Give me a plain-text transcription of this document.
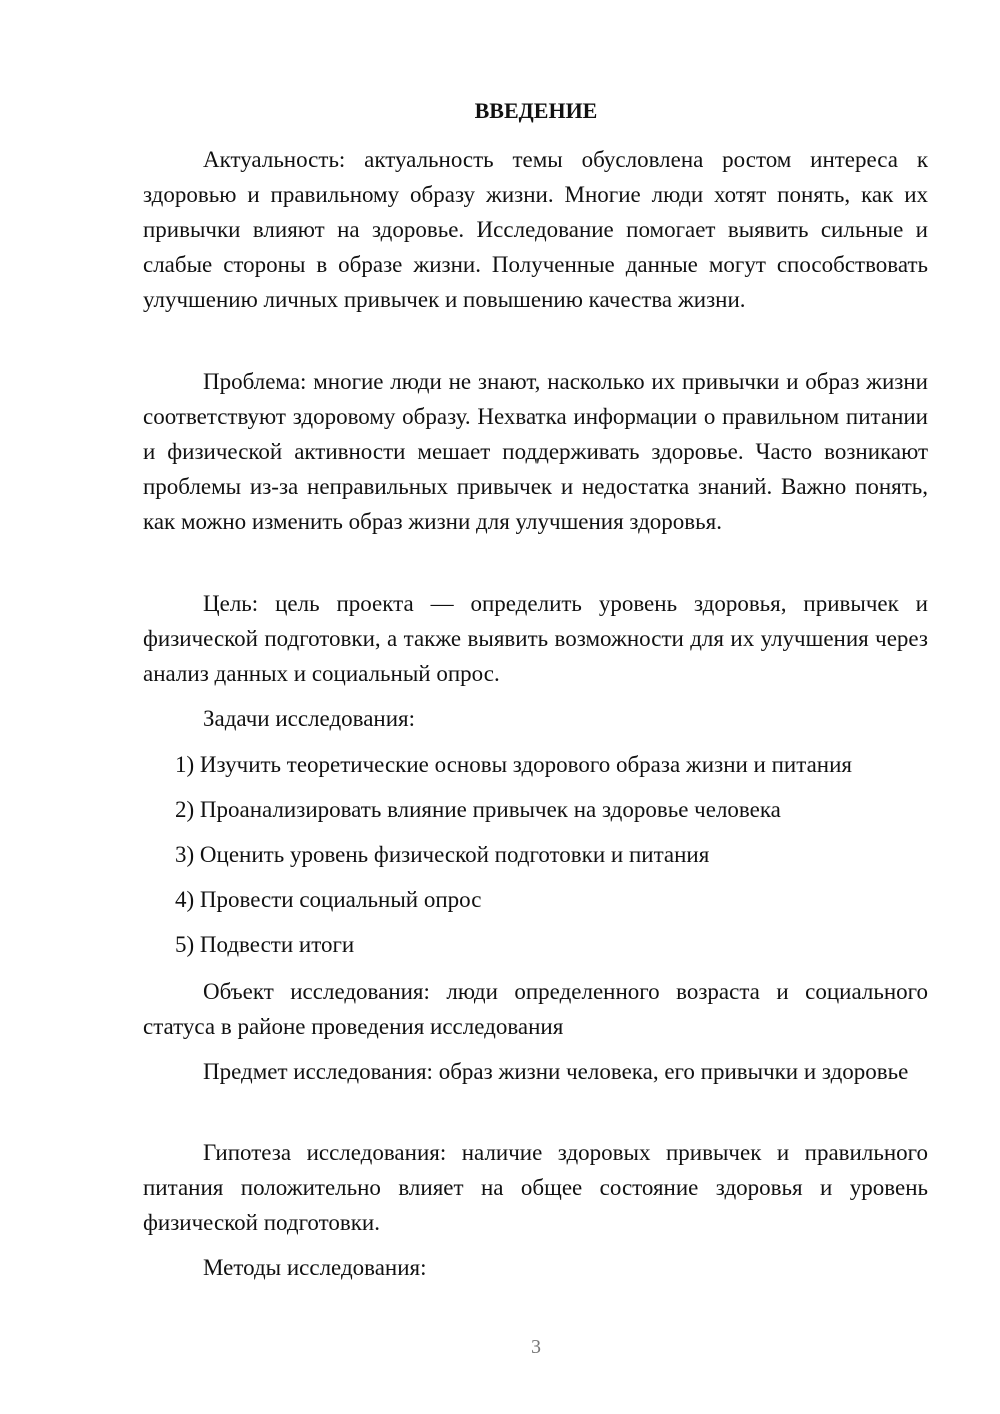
ВВЕДЕНИЕ

Актуальность: актуальность темы обусловлена ростом интереса к здоровью и правильному образу жизни. Многие люди хотят понять, как их привычки влияют на здоровье. Исследование помогает выявить сильные и слабые стороны в образе жизни. Полученные данные могут способствовать улучшению личных привычек и повышению качества жизни.

Проблема: многие люди не знают, насколько их привычки и образ жизни соответствуют здоровому образу. Нехватка информации о правильном питании и физической активности мешает поддерживать здоровье. Часто возникают проблемы из-за неправильных привычек и недостатка знаний. Важно понять, как можно изменить образ жизни для улучшения здоровья.

Цель: цель проекта — определить уровень здоровья, привычек и физической подготовки, а также выявить возможности для их улучшения через анализ данных и социальный опрос.

Задачи исследования:

1) Изучить теоретические основы здорового образа жизни и питания

2) Проанализировать влияние привычек на здоровье человека

3) Оценить уровень физической подготовки и питания

4) Провести социальный опрос

5) Подвести итоги

Объект исследования: люди определенного возраста и социального статуса в районе проведения исследования

Предмет исследования: образ жизни человека, его привычки и здоровье

Гипотеза исследования: наличие здоровых привычек и правильного питания положительно влияет на общее состояние здоровья и уровень физической подготовки.

Методы исследования:

3
